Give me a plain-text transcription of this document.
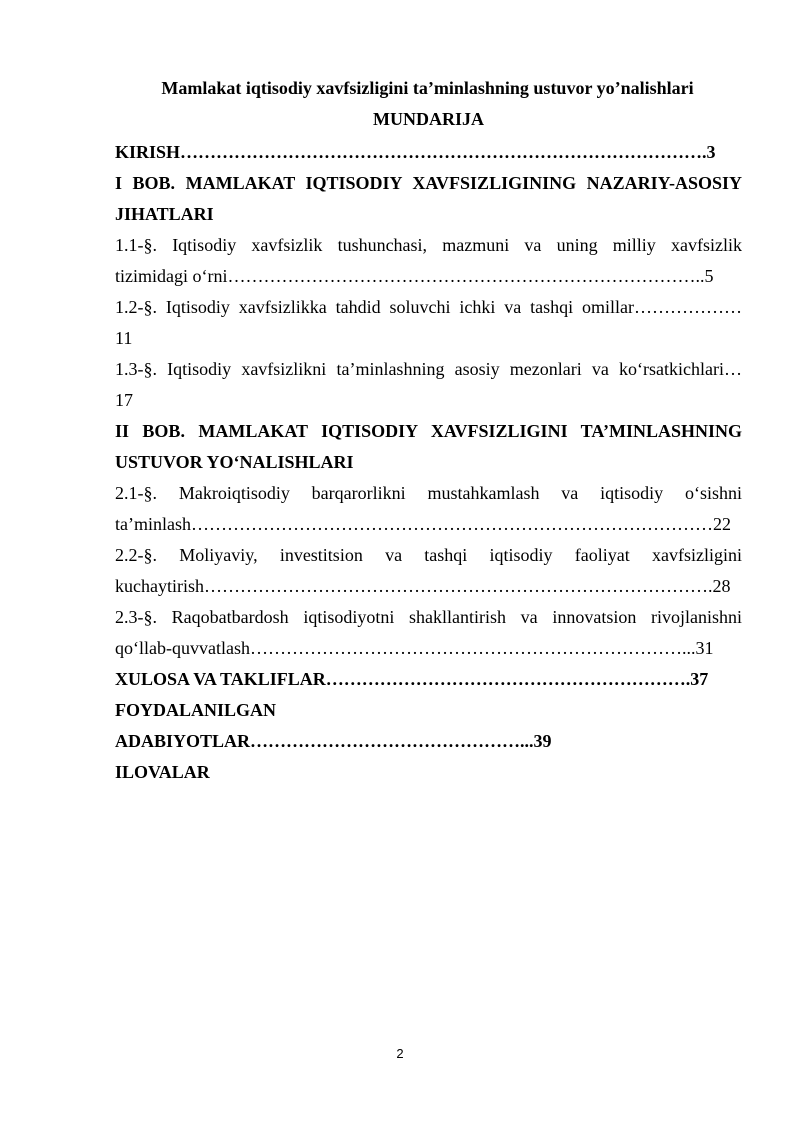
Mamlakat iqtisodiy xavfsizligini ta’minlashning ustuvor yo’nalishlari
MUNDARIJA
KIRISH…………………………………………………………………………….3
I BOB. MAMLAKAT IQTISODIY XAVFSIZLIGINING NAZARIY-ASOSIY
JIHATLARI
1.1-§. Iqtisodiy xavfsizlik tushunchasi, mazmuni va uning milliy xavfsizlik
tizimidagi o‘rni……………………………………………………………………..5
1.2-§. Iqtisodiy xavfsizlikka tahdid soluvchi ichki va tashqi omillar………………
11
1.3-§. Iqtisodiy xavfsizlikni ta’minlashning asosiy mezonlari va ko‘rsatkichlari…
17
II BOB. MAMLAKAT IQTISODIY XAVFSIZLIGINI TA’MINLASHNING
USTUVOR YO‘NALISHLARI
2.1-§. Makroiqtisodiy barqarorlikni mustahkamlash va iqtisodiy o‘sishni
ta’minlash……………………………………………………………………………22
2.2-§. Moliyaviy, investitsion va tashqi iqtisodiy faoliyat xavfsizligini
kuchaytirish………………………………………………………………………….28
2.3-§. Raqobatbardosh iqtisodiyotni shakllantirish va innovatsion rivojlanishni
qo‘llab-quvvatlash………………………………………………………………...31
XULOSA VA TAKLIFLAR…………………………………………………….37
FOYDALANILGAN
ADABIYOTLAR………………………………………...39
ILOVALAR
2
